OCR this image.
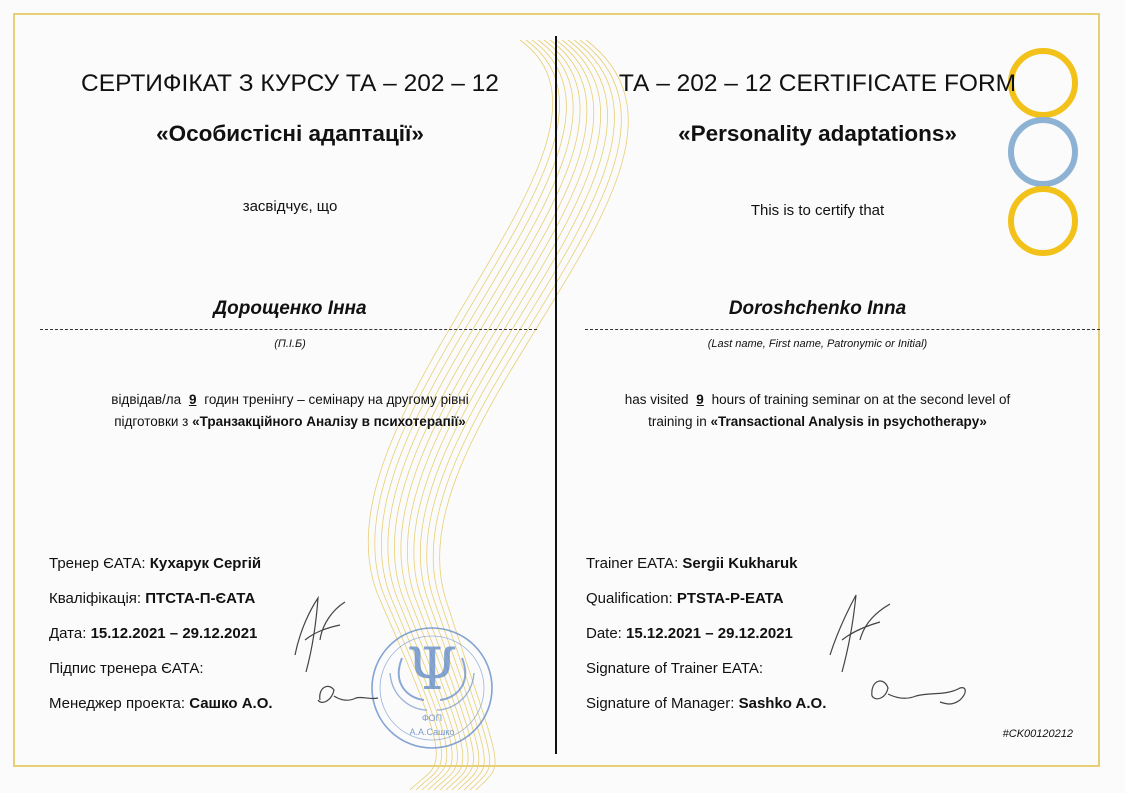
Ψ
ФОП
А.А.Сашко
СЕРТИФІКАТ З КУРСУ ТА – 202 – 12
«Особистісні адаптації»
засвідчує, що
Дорощенко Інна
(П.І.Б)
відвідав/ла 9 годин тренінгу – семінару на другому рівні
підготовки з «Транзакційного Аналізу в психотерапії»
Тренер ЄАТА: Кухарук Сергій
Кваліфікація: ПТСТА-П-ЄАТА
Дата: 15.12.2021 – 29.12.2021
Підпис тренера ЄАТА:
Менеджер проекта: Сашко А.О.
ТА – 202 – 12 CERTIFICATE FORM
«Personality adaptations»
This is to certify that
Doroshchenko Inna
(Last name, First name, Patronymic or Initial)
has visited 9 hours of training seminar on at the second level of
training in «Transactional Analysis in psychotherapy»
Trainer EATA: Sergii Kukharuk
Qualification: PTSTA-P-EATA
Date: 15.12.2021 – 29.12.2021
Signature of Trainer EATA:
Signature of Manager: Sashko A.O.
#CK00120212
